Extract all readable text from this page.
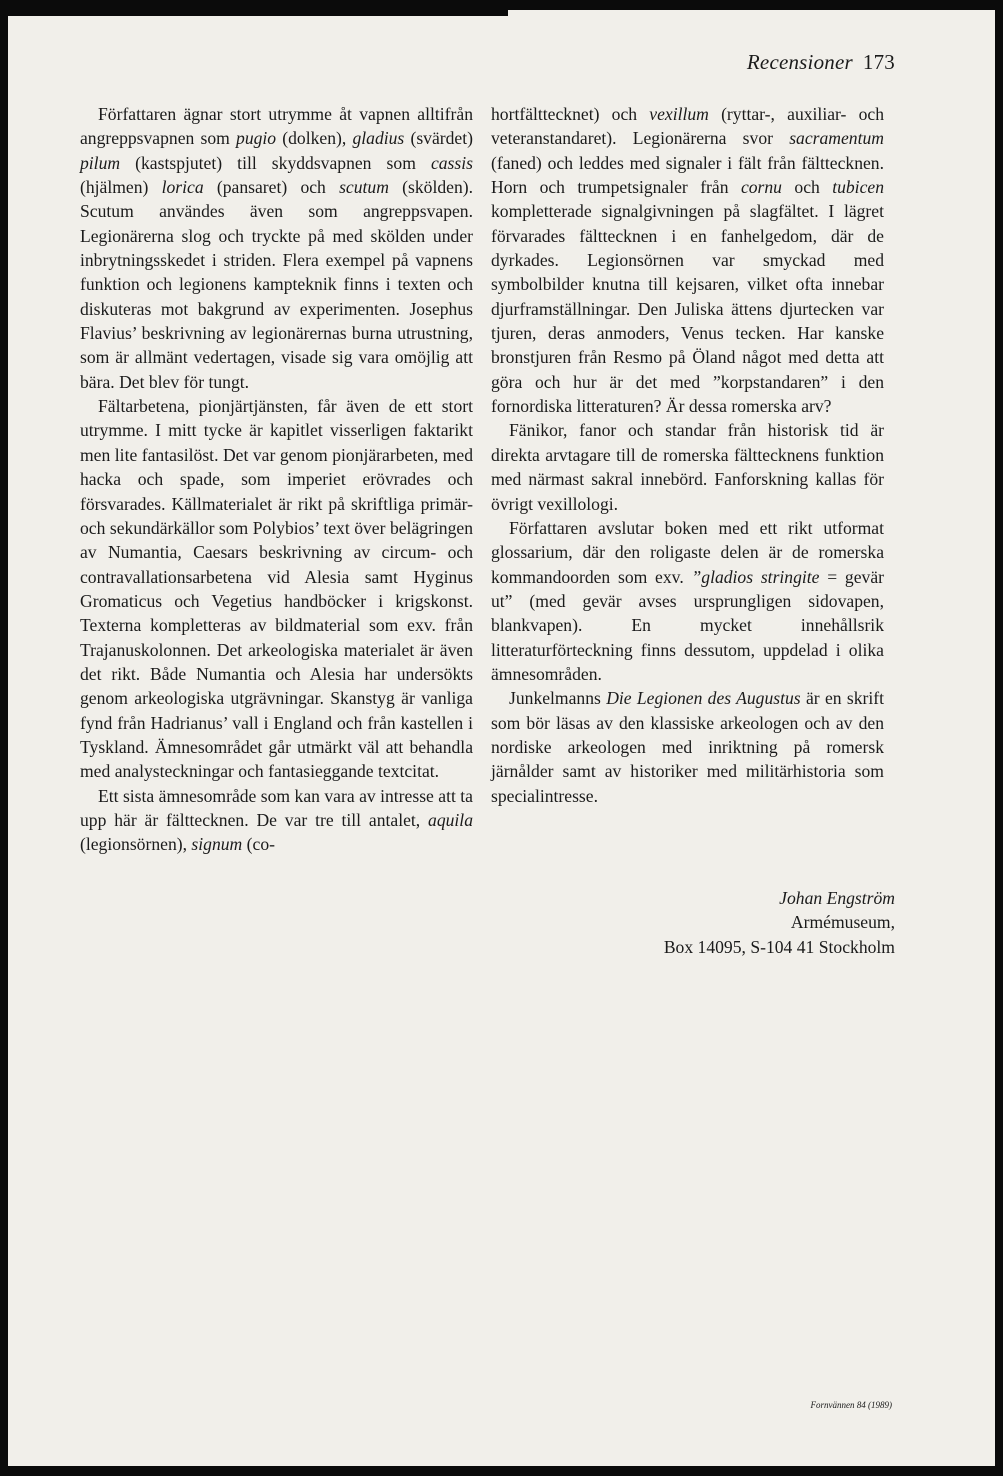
Recensioner 173

Författaren ägnar stort utrymme åt vapnen alltifrån angreppsvapnen som pugio (dolken), gladius (svärdet) pilum (kastspjutet) till skyddsvapnen som cassis (hjälmen) lorica (pansaret) och scutum (skölden). Scutum användes även som angreppsvapen. Legionärerna slog och tryckte på med skölden under inbrytningsskedet i striden. Flera exempel på vapnens funktion och legionens kampteknik finns i texten och diskuteras mot bakgrund av experimenten. Josephus Flavius’ beskrivning av legionärernas burna utrustning, som är allmänt vedertagen, visade sig vara omöjlig att bära. Det blev för tungt.

Fältarbetena, pionjärtjänsten, får även de ett stort utrymme. I mitt tycke är kapitlet visserligen faktarikt men lite fantasilöst. Det var genom pionjärarbeten, med hacka och spade, som imperiet erövrades och försvarades. Källmaterialet är rikt på skriftliga primär- och sekundärkällor som Polybios’ text över belägringen av Numantia, Caesars beskrivning av circum- och contravallationsarbetena vid Alesia samt Hyginus Gromaticus och Vegetius handböcker i krigskonst. Texterna kompletteras av bildmaterial som exv. från Trajanuskolonnen. Det arkeologiska materialet är även det rikt. Både Numantia och Alesia har undersökts genom arkeologiska utgrävningar. Skanstyg är vanliga fynd från Hadrianus’ vall i England och från kastellen i Tyskland. Ämnesområdet går utmärkt väl att behandla med analysteckningar och fantasieggande textcitat.

Ett sista ämnesområde som kan vara av intresse att ta upp här är fälttecknen. De var tre till antalet, aquila (legionsörnen), signum (co-

hortfälttecknet) och vexillum (ryttar-, auxiliar- och veteranstandaret). Legionärerna svor sacramentum (faned) och leddes med signaler i fält från fälttecknen. Horn och trumpetsignaler från cornu och tubicen kompletterade signalgivningen på slagfältet. I lägret förvarades fälttecknen i en fanhelgedom, där de dyrkades. Legionsörnen var smyckad med symbolbilder knutna till kejsaren, vilket ofta innebar djurframställningar. Den Juliska ättens djurtecken var tjuren, deras anmoders, Venus tecken. Har kanske bronstjuren från Resmo på Öland något med detta att göra och hur är det med ”korpstandaren” i den fornordiska litteraturen? Är dessa romerska arv?

Fänikor, fanor och standar från historisk tid är direkta arvtagare till de romerska fälttecknens funktion med närmast sakral innebörd. Fanforskning kallas för övrigt vexillologi.

Författaren avslutar boken med ett rikt utformat glossarium, där den roligaste delen är de romerska kommandoorden som exv. ”gladios stringite = gevär ut” (med gevär avses ursprungligen sidovapen, blankvapen). En mycket innehållsrik litteraturförteckning finns dessutom, uppdelad i olika ämnesområden.

Junkelmanns Die Legionen des Augustus är en skrift som bör läsas av den klassiske arkeologen och av den nordiske arkeologen med inriktning på romersk järnålder samt av historiker med militärhistoria som specialintresse.

Johan Engström
Armémuseum,
Box 14095, S-104 41 Stockholm
Fornvännen 84 (1989)
